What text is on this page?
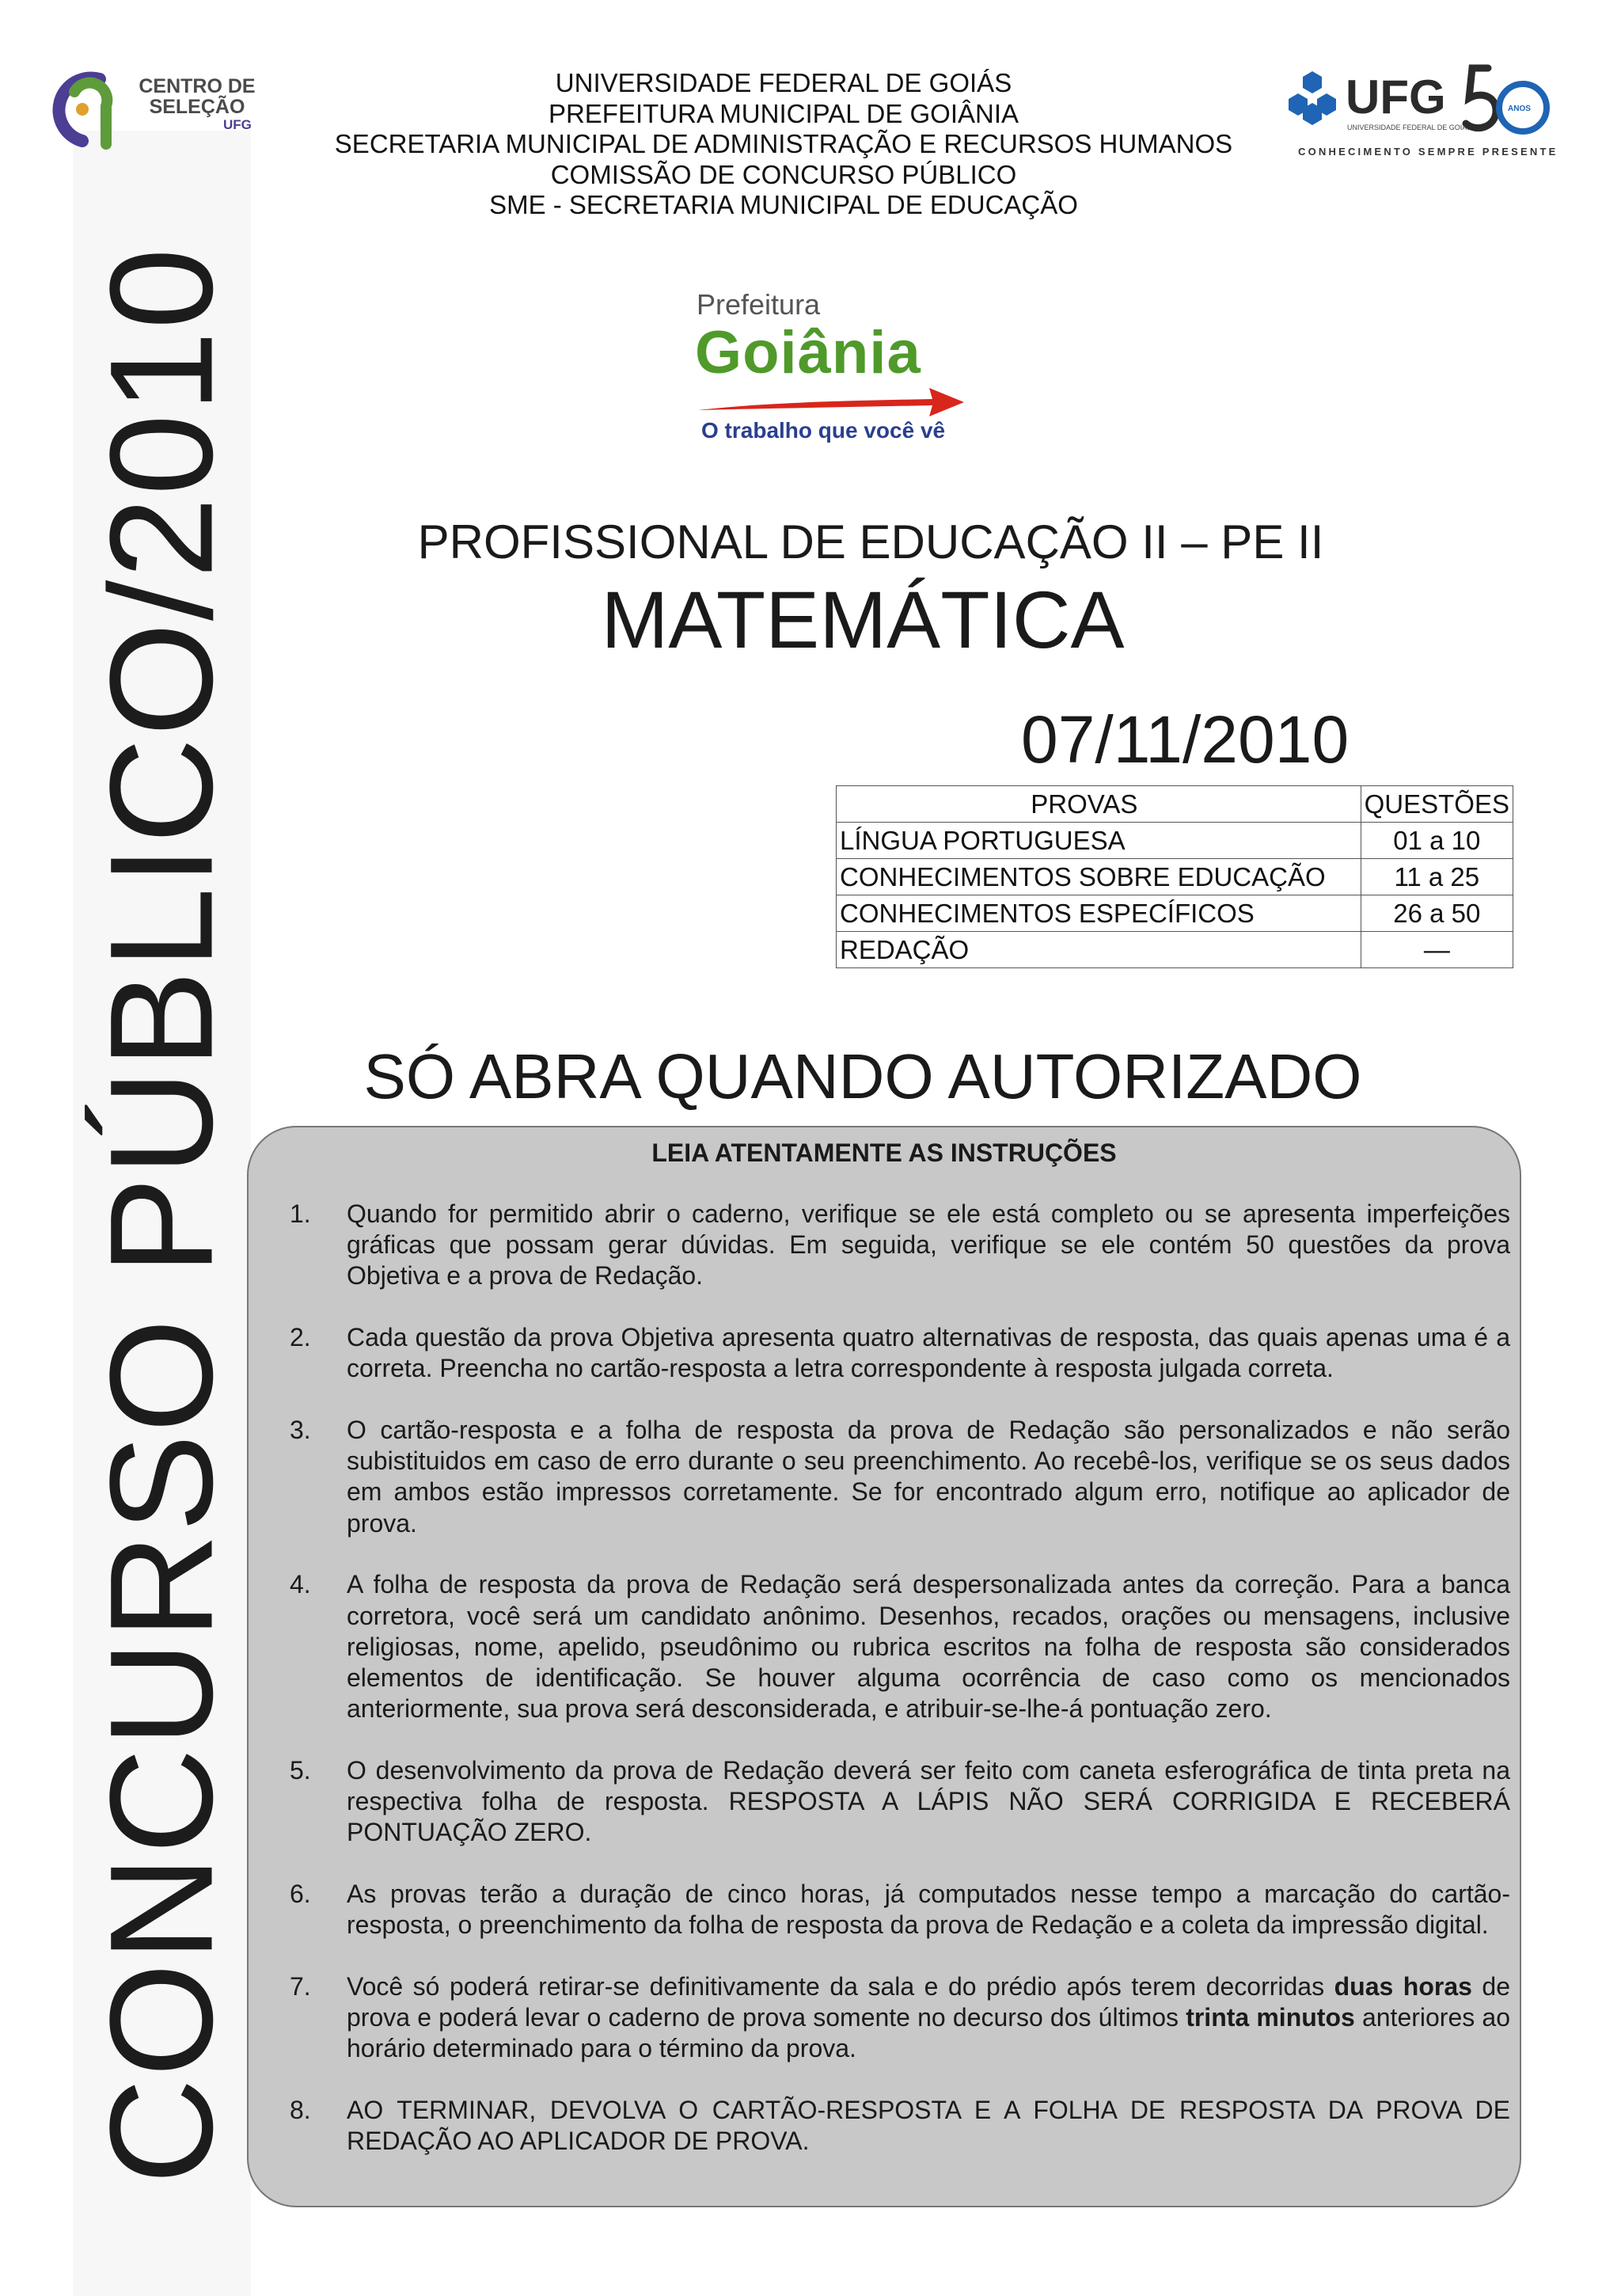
CONCURSO PÚBLICO/2010
CENTRO DE
SELEÇÃO
UFG
UNIVERSIDADE FEDERAL DE GOIÁS
PREFEITURA MUNICIPAL DE GOIÂNIA
SECRETARIA MUNICIPAL DE ADMINISTRAÇÃO E RECURSOS HUMANOS
COMISSÃO DE CONCURSO PÚBLICO
SME - SECRETARIA MUNICIPAL DE EDUCAÇÃO
UFG
UNIVERSIDADE FEDERAL DE GOIÁS
ANOS
CONHECIMENTO SEMPRE PRESENTE
Prefeitura
Goiânia
O trabalho que você vê
PROFISSIONAL DE EDUCAÇÃO II – PE II
MATEMÁTICA
07/11/2010
PROVAS	QUESTÕES
LÍNGUA PORTUGUESA	01 a 10
CONHECIMENTOS SOBRE EDUCAÇÃO	11 a 25
CONHECIMENTOS ESPECÍFICOS	26 a 50
REDAÇÃO	—
SÓ ABRA QUANDO AUTORIZADO
LEIA ATENTAMENTE AS INSTRUÇÕES
1. Quando for permitido abrir o caderno, verifique se ele está completo ou se apresenta imperfeições gráficas que possam gerar dúvidas. Em seguida, verifique se ele contém 50 questões da prova Objetiva e a prova de Redação.
2. Cada questão da prova Objetiva apresenta quatro alternativas de resposta, das quais apenas uma é a correta. Preencha no cartão-resposta a letra correspondente à resposta julgada correta.
3. O cartão-resposta e a folha de resposta da prova de Redação são personalizados e não serão subistituidos em caso de erro durante o seu preenchimento. Ao recebê-los, verifique se os seus dados em ambos estão impressos corretamente. Se for encontrado algum erro, notifique ao aplicador de prova.
4. A folha de resposta da prova de Redação será despersonalizada antes da correção. Para a banca corretora, você será um candidato anônimo. Desenhos, recados, orações ou mensagens, inclusive religiosas, nome, apelido, pseudônimo ou rubrica escritos na folha de resposta são considerados elementos de identificação. Se houver alguma ocorrência de caso como os mencionados anteriormente, sua prova será desconsiderada, e atribuir-se-lhe-á pontuação zero.
5. O desenvolvimento da prova de Redação deverá ser feito com caneta esferográfica de tinta preta na respectiva folha de resposta. RESPOSTA A LÁPIS NÃO SERÁ CORRIGIDA E RECEBERÁ PONTUAÇÃO ZERO.
6. As provas terão a duração de cinco horas, já computados nesse tempo a marcação do cartão-resposta, o preenchimento da folha de resposta da prova de Redação e a coleta da impressão digital.
7. Você só poderá retirar-se definitivamente da sala e do prédio após terem decorridas duas horas de prova e poderá levar o caderno de prova somente no decurso dos últimos trinta minutos anteriores ao horário determinado para o término da prova.
8. AO TERMINAR, DEVOLVA O CARTÃO-RESPOSTA E A FOLHA DE RESPOSTA DA PROVA DE REDAÇÃO AO APLICADOR DE PROVA.
